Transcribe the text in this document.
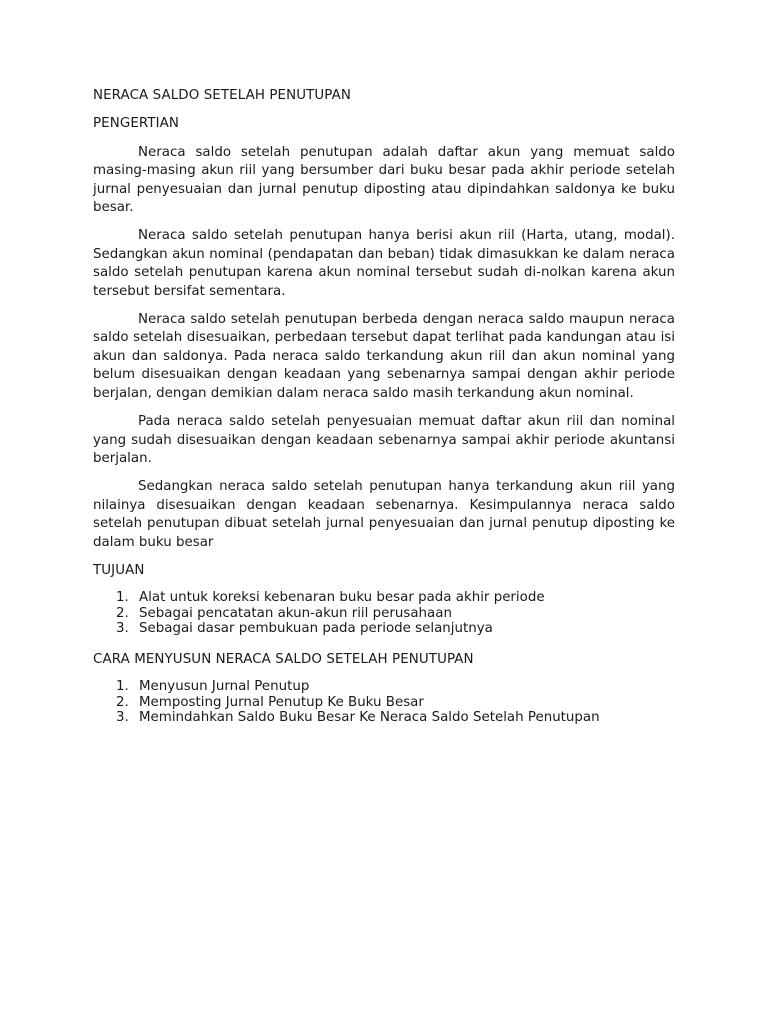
NERACA SALDO SETELAH PENUTUPAN
PENGERTIAN

Neraca saldo setelah penutupan adalah daftar akun yang memuat saldo masing-masing akun riil yang bersumber dari buku besar pada akhir periode setelah jurnal penyesuaian dan jurnal penutup diposting atau dipindahkan saldonya ke buku besar.

Neraca saldo setelah penutupan hanya berisi akun riil (Harta, utang, modal). Sedangkan akun nominal (pendapatan dan beban) tidak dimasukkan ke dalam neraca saldo setelah penutupan karena akun nominal tersebut sudah di-nolkan karena akun tersebut bersifat sementara.

Neraca saldo setelah penutupan berbeda dengan neraca saldo maupun neraca saldo setelah disesuaikan, perbedaan tersebut dapat terlihat pada kandungan atau isi akun dan saldonya. Pada neraca saldo terkandung akun riil dan akun nominal yang belum disesuaikan dengan keadaan yang sebenarnya sampai dengan akhir periode berjalan, dengan demikian dalam neraca saldo masih terkandung akun nominal.

Pada neraca saldo setelah penyesuaian memuat daftar akun riil dan nominal yang sudah disesuaikan dengan keadaan sebenarnya sampai akhir periode akuntansi berjalan.

Sedangkan neraca saldo setelah penutupan hanya terkandung akun riil yang nilainya disesuaikan dengan keadaan sebenarnya. Kesimpulannya neraca saldo setelah penutupan dibuat setelah jurnal penyesuaian dan jurnal penutup diposting ke dalam buku besar

TUJUAN
1. Alat untuk koreksi kebenaran buku besar pada akhir periode
2. Sebagai pencatatan akun-akun riil perusahaan
3. Sebagai dasar pembukuan pada periode selanjutnya
CARA MENYUSUN NERACA SALDO SETELAH PENUTUPAN
1. Menyusun Jurnal Penutup
2. Memposting Jurnal Penutup Ke Buku Besar
3. Memindahkan Saldo Buku Besar Ke Neraca Saldo Setelah Penutupan
